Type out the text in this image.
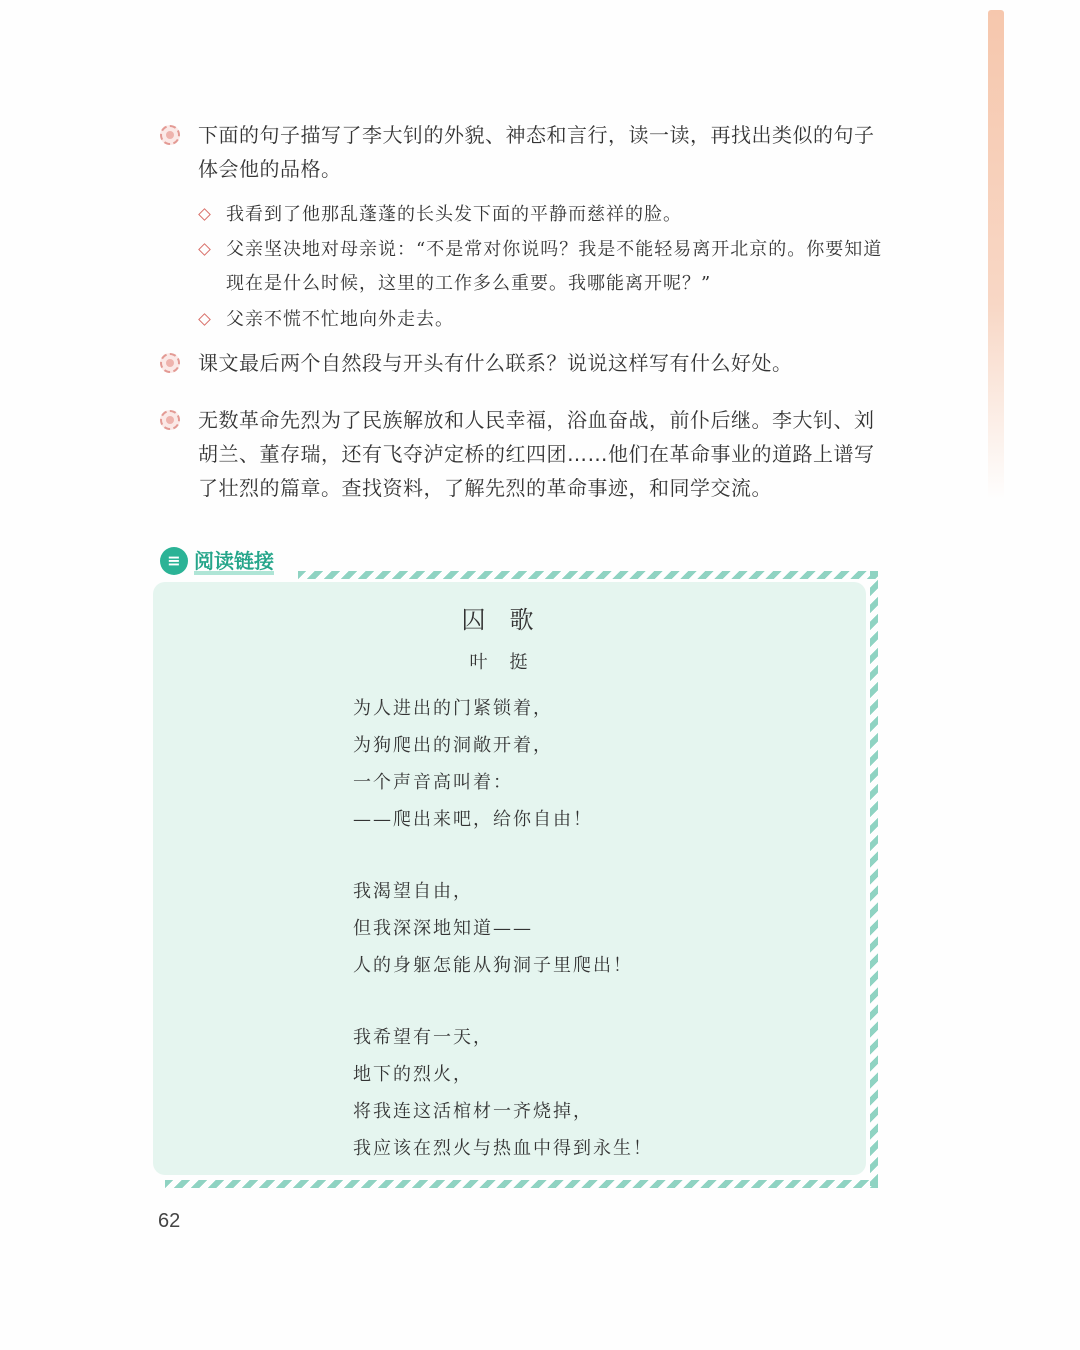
下面的句子描写了李大钊的外貌、神态和言行，读一读，再找出类似的句子体会他的品格。
我看到了他那乱蓬蓬的长头发下面的平静而慈祥的脸。
父亲坚决地对母亲说：“不是常对你说吗？我是不能轻易离开北京的。你要知道现在是什么时候，这里的工作多么重要。我哪能离开呢？”
父亲不慌不忙地向外走去。
课文最后两个自然段与开头有什么联系？说说这样写有什么好处。
无数革命先烈为了民族解放和人民幸福，浴血奋战，前仆后继。李大钊、刘胡兰、董存瑞，还有飞夺泸定桥的红四团……他们在革命事业的道路上谱写了壮烈的篇章。查找资料，了解先烈的革命事迹，和同学交流。
≡ 阅读链接
囚歌
叶挺
为人进出的门紧锁着，
为狗爬出的洞敞开着，
一个声音高叫着：
——爬出来吧，给你自由！
我渴望自由，
但我深深地知道——
人的身躯怎能从狗洞子里爬出！
我希望有一天，
地下的烈火，
将我连这活棺材一齐烧掉，
我应该在烈火与热血中得到永生！
62
